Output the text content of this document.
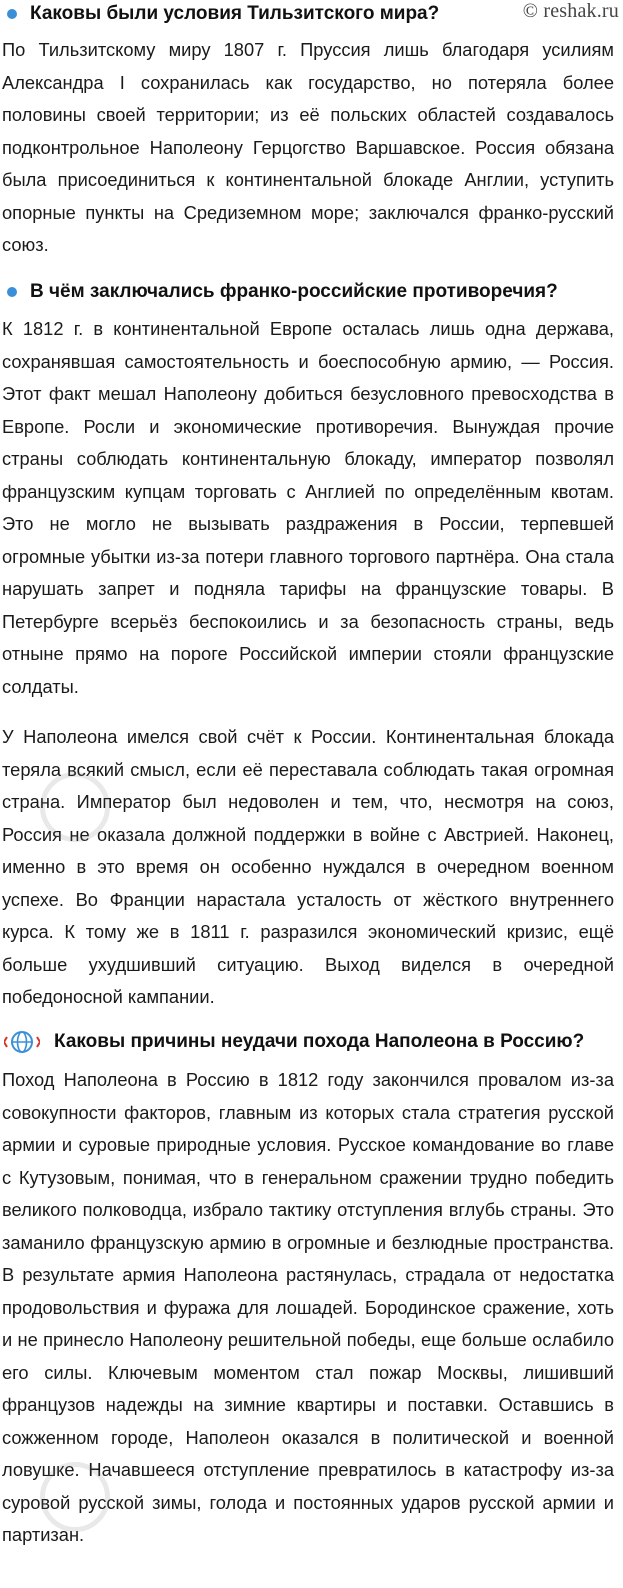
© reshak.ru
Каковы были условия Тильзитского мира?

По Тильзитскому миру 1807 г. Пруссия лишь благодаря усилиям Александра I сохранилась как государство, но потеряла более половины своей территории; из её польских областей создавалось подконтрольное Наполеону Герцогство Варшавское. Россия обязана была присоединиться к континентальной блокаде Англии, уступить опорные пункты на Средиземном море; заключался франко-русский союз.

В чём заключались франко-российские противоречия?

К 1812 г. в континентальной Европе осталась лишь одна держава, сохранявшая самостоятельность и боеспособную армию, — Россия. Этот факт мешал Наполеону добиться безусловного превосходства в Европе. Росли и экономические противоречия. Вынуждая прочие страны соблюдать континентальную блокаду, император позволял французским купцам торговать с Англией по определённым квотам. Это не могло не вызывать раздражения в России, терпевшей огромные убытки из-за потери главного торгового партнёра. Она стала нарушать запрет и подняла тарифы на французские товары. В Петербурге всерьёз беспокоились и за безопасность страны, ведь отныне прямо на пороге Российской империи стояли французские солдаты.

У Наполеона имелся свой счёт к России. Континентальная блокада теряла всякий смысл, если её переставала соблюдать такая огромная страна. Император был недоволен и тем, что, несмотря на союз, Россия не оказала должной поддержки в войне с Австрией. Наконец, именно в это время он особенно нуждался в очередном военном успехе. Во Франции нарастала усталость от жёсткого внутреннего курса. К тому же в 1811 г. разразился экономический кризис, ещё больше ухудшивший ситуацию. Выход виделся в очередной победоносной кампании.

Каковы причины неудачи похода Наполеона в Россию?

Поход Наполеона в Россию в 1812 году закончился провалом из-за совокупности факторов, главным из которых стала стратегия русской армии и суровые природные условия. Русское командование во главе с Кутузовым, понимая, что в генеральном сражении трудно победить великого полководца, избрало тактику отступления вглубь страны. Это заманило французскую армию в огромные и безлюдные пространства. В результате армия Наполеона растянулась, страдала от недостатка продовольствия и фуража для лошадей. Бородинское сражение, хоть и не принесло Наполеону решительной победы, еще больше ослабило его силы. Ключевым моментом стал пожар Москвы, лишивший французов надежды на зимние квартиры и поставки. Оставшись в сожженном городе, Наполеон оказался в политической и военной ловушке. Начавшееся отступление превратилось в катастрофу из-за суровой русской зимы, голода и постоянных ударов русской армии и партизан.
